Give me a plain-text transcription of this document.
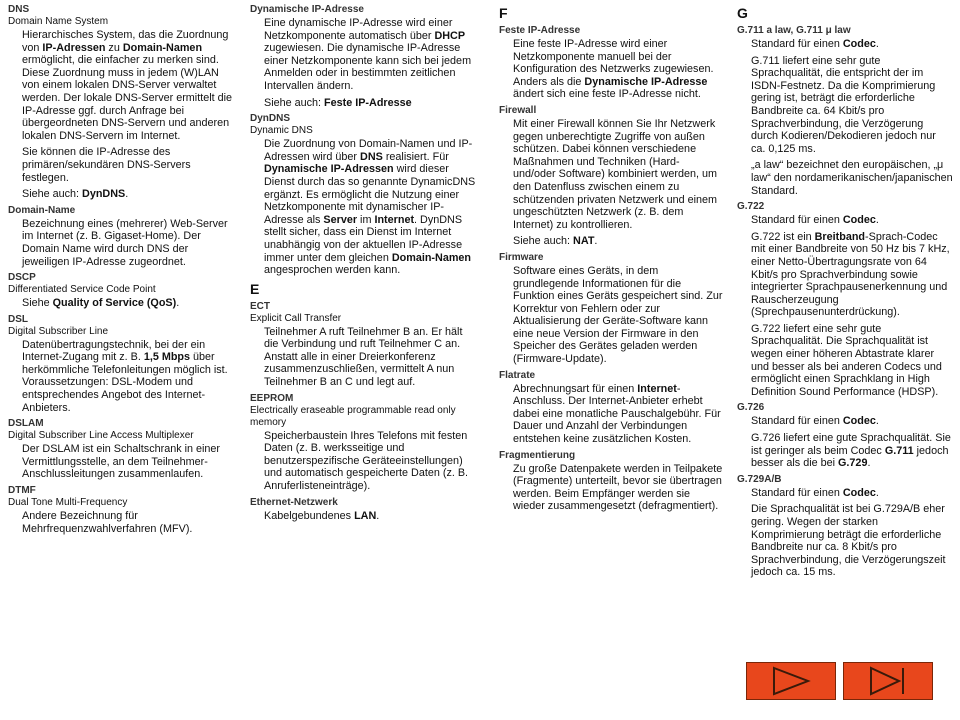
DNS
Domain Name System
Hierarchisches System, das die Zuordnung von IP-Adressen zu Domain-Namen ermöglicht, die einfacher zu merken sind. Diese Zuordnung muss in jedem (W)LAN von einem lokalen DNS-Server verwaltet werden. Der lokale DNS-Server ermittelt die IP-Adresse ggf. durch Anfrage bei übergeordneten DNS-Servern und anderen lokalen DNS-Servern im Internet.
Sie können die IP-Adresse des primären/sekundären DNS-Servers festlegen.
Siehe auch: DynDNS.
Domain-Name
Bezeichnung eines (mehrerer) Web-Server im Internet (z. B. Gigaset-Home). Der Domain Name wird durch DNS der jeweiligen IP-Adresse zugeordnet.
DSCP
Differentiated Service Code Point
Siehe Quality of Service (QoS).
DSL
Digital Subscriber Line
Datenübertragungstechnik, bei der ein Internet-Zugang mit z. B. 1,5 Mbps über herkömmliche Telefonleitungen möglich ist. Voraussetzungen: DSL-Modem und entsprechendes Angebot des Internet-Anbieters.
DSLAM
Digital Subscriber Line Access Multiplexer
Der DSLAM ist ein Schaltschrank in einer Vermittlungsstelle, an dem Teilnehmer-Anschlussleitungen zusammenlaufen.
DTMF
Dual Tone Multi-Frequency
Andere Bezeichnung für Mehrfrequenzwahlverfahren (MFV).
Dynamische IP-Adresse
Eine dynamische IP-Adresse wird einer Netzkomponente automatisch über DHCP zugewiesen. Die dynamische IP-Adresse einer Netzkomponente kann sich bei jedem Anmelden oder in bestimmten zeitlichen Intervallen ändern.
Siehe auch: Feste IP-Adresse
DynDNS
Dynamic DNS
Die Zuordnung von Domain-Namen und IP-Adressen wird über DNS realisiert. Für Dynamische IP-Adressen wird dieser Dienst durch das so genannte DynamicDNS ergänzt. Es ermöglicht die Nutzung einer Netzkomponente mit dynamischer IP-Adresse als Server im Internet. DynDNS stellt sicher, dass ein Dienst im Internet unabhängig von der aktuellen IP-Adresse immer unter dem gleichen Domain-Namen angesprochen werden kann.
E
ECT
Explicit Call Transfer
Teilnehmer A ruft Teilnehmer B an. Er hält die Verbindung und ruft Teilnehmer C an. Anstatt alle in einer Dreierkonferenz zusammenzuschließen, vermittelt A nun Teilnehmer B an C und legt auf.
EEPROM
Electrically eraseable programmable read only memory
Speicherbaustein Ihres Telefons mit festen Daten (z. B. werksseitige und benutzerspezifische Geräteeinstellungen) und automatisch gespeicherte Daten (z. B. Anruferlisteneinträge).
Ethernet-Netzwerk
Kabelgebundenes LAN.
F
Feste IP-Adresse
Eine feste IP-Adresse wird einer Netzkomponente manuell bei der Konfiguration des Netzwerks zugewiesen. Anders als die Dynamische IP-Adresse ändert sich eine feste IP-Adresse nicht.
Firewall
Mit einer Firewall können Sie Ihr Netzwerk gegen unberechtigte Zugriffe von außen schützen. Dabei können verschiedene Maßnahmen und Techniken (Hard- und/oder Software) kombiniert werden, um den Datenfluss zwischen einem zu schützenden privaten Netzwerk und einem ungeschützten Netzwerk (z. B. dem Internet) zu kontrollieren.
Siehe auch: NAT.
Firmware
Software eines Geräts, in dem grundlegende Informationen für die Funktion eines Geräts gespeichert sind. Zur Korrektur von Fehlern oder zur Aktualisierung der Geräte-Software kann eine neue Version der Firmware in den Speicher des Gerätes geladen werden (Firmware-Update).
Flatrate
Abrechnungsart für einen Internet-Anschluss. Der Internet-Anbieter erhebt dabei eine monatliche Pauschalgebühr. Für Dauer und Anzahl der Verbindungen entstehen keine zusätzlichen Kosten.
Fragmentierung
Zu große Datenpakete werden in Teilpakete (Fragmente) unterteilt, bevor sie übertragen werden. Beim Empfänger werden sie wieder zusammengesetzt (defragmentiert).
G
G.711 a law, G.711 μ law
Standard für einen Codec.
G.711 liefert eine sehr gute Sprachqualität, die entspricht der im ISDN-Festnetz. Da die Komprimierung gering ist, beträgt die erforderliche Bandbreite ca. 64 Kbit/s pro Sprachverbindung, die Verzögerung durch Kodieren/Dekodieren jedoch nur ca. 0,125 ms.
„a law“ bezeichnet den europäischen, „μ law“ den nordamerikanischen/japanischen Standard.
G.722
Standard für einen Codec.
G.722 ist ein Breitband-Sprach-Codec mit einer Bandbreite von 50 Hz bis 7 kHz, einer Netto-Übertragungsrate von 64 Kbit/s pro Sprachverbindung sowie integrierter Sprachpausenerkennung und Rauscherzeugung (Sprechpausenunterdrückung).
G.722 liefert eine sehr gute Sprachqualität. Die Sprachqualität ist wegen einer höheren Abtastrate klarer und besser als bei anderen Codecs und ermöglicht einen Sprachklang in High Definition Sound Performance (HDSP).
G.726
Standard für einen Codec.
G.726 liefert eine gute Sprachqualität. Sie ist geringer als beim Codec G.711 jedoch besser als die bei G.729.
G.729A/B
Standard für einen Codec.
Die Sprachqualität ist bei G.729A/B eher gering. Wegen der starken Komprimierung beträgt die erforderliche Bandbreite nur ca. 8 Kbit/s pro Sprachverbindung, die Verzögerungszeit jedoch ca. 15 ms.
